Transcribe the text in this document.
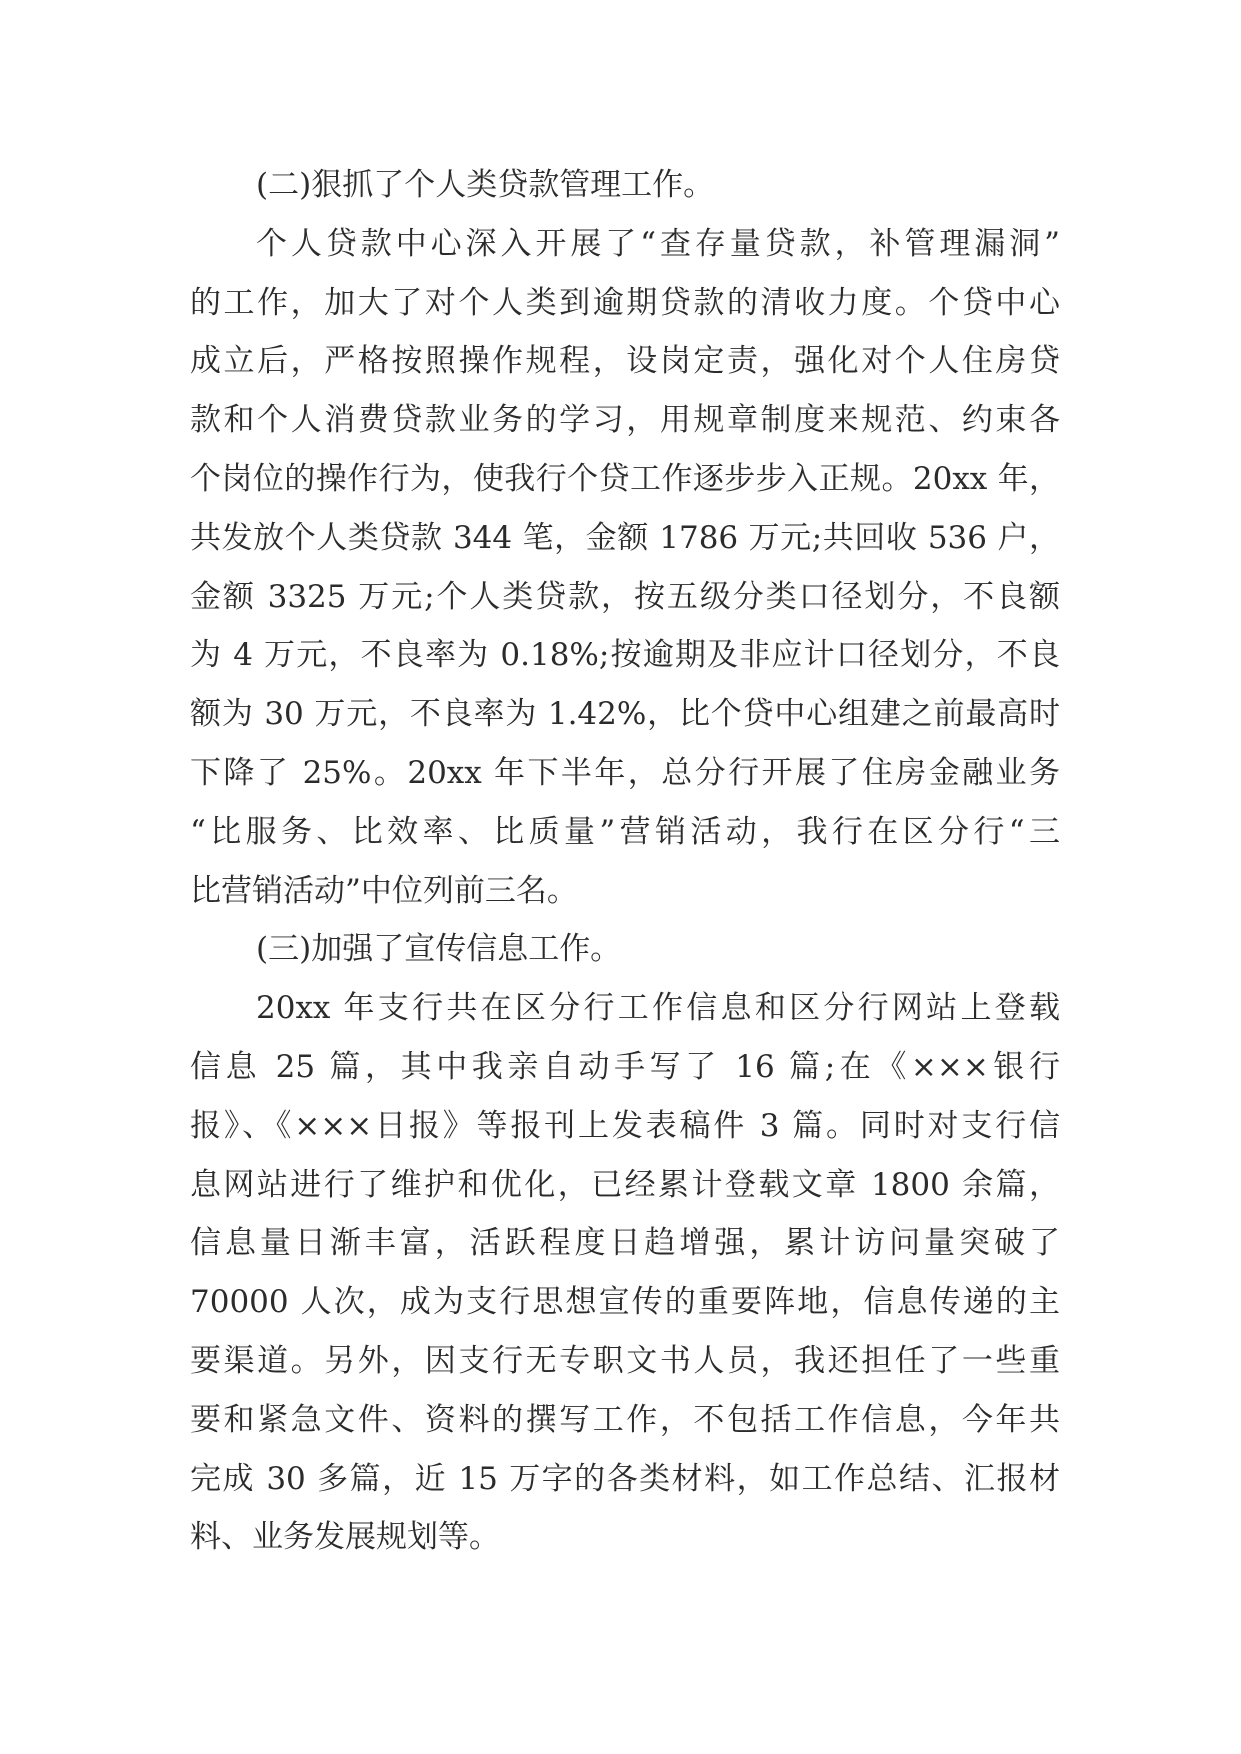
(二)狠抓了个人类贷款管理工作。
个人贷款中心深入开展了“查存量贷款，补管理漏洞”
的工作，加大了对个人类到逾期贷款的清收力度。个贷中心
成立后，严格按照操作规程，设岗定责，强化对个人住房贷
款和个人消费贷款业务的学习，用规章制度来规范、约束各
个岗位的操作行为，使我行个贷工作逐步步入正规。20xx 年，
共发放个人类贷款 344 笔，金额 1786 万元;共回收 536 户，
金额 3325 万元;个人类贷款，按五级分类口径划分，不良额
为 4 万元，不良率为 0.18%;按逾期及非应计口径划分，不良
额为 30 万元，不良率为 1.42%，比个贷中心组建之前最高时
下降了 25%。20xx 年下半年，总分行开展了住房金融业务
“比服务、比效率、比质量”营销活动，我行在区分行“三
比营销活动”中位列前三名。
(三)加强了宣传信息工作。
20xx 年支行共在区分行工作信息和区分行网站上登载
信息 25 篇，其中我亲自动手写了 16 篇;在《×××银行
报》、《×××日报》等报刊上发表稿件 3 篇。同时对支行信
息网站进行了维护和优化，已经累计登载文章 1800 余篇，
信息量日渐丰富，活跃程度日趋增强，累计访问量突破了
70000 人次，成为支行思想宣传的重要阵地，信息传递的主
要渠道。另外，因支行无专职文书人员，我还担任了一些重
要和紧急文件、资料的撰写工作，不包括工作信息，今年共
完成 30 多篇，近 15 万字的各类材料，如工作总结、汇报材
料、业务发展规划等。
